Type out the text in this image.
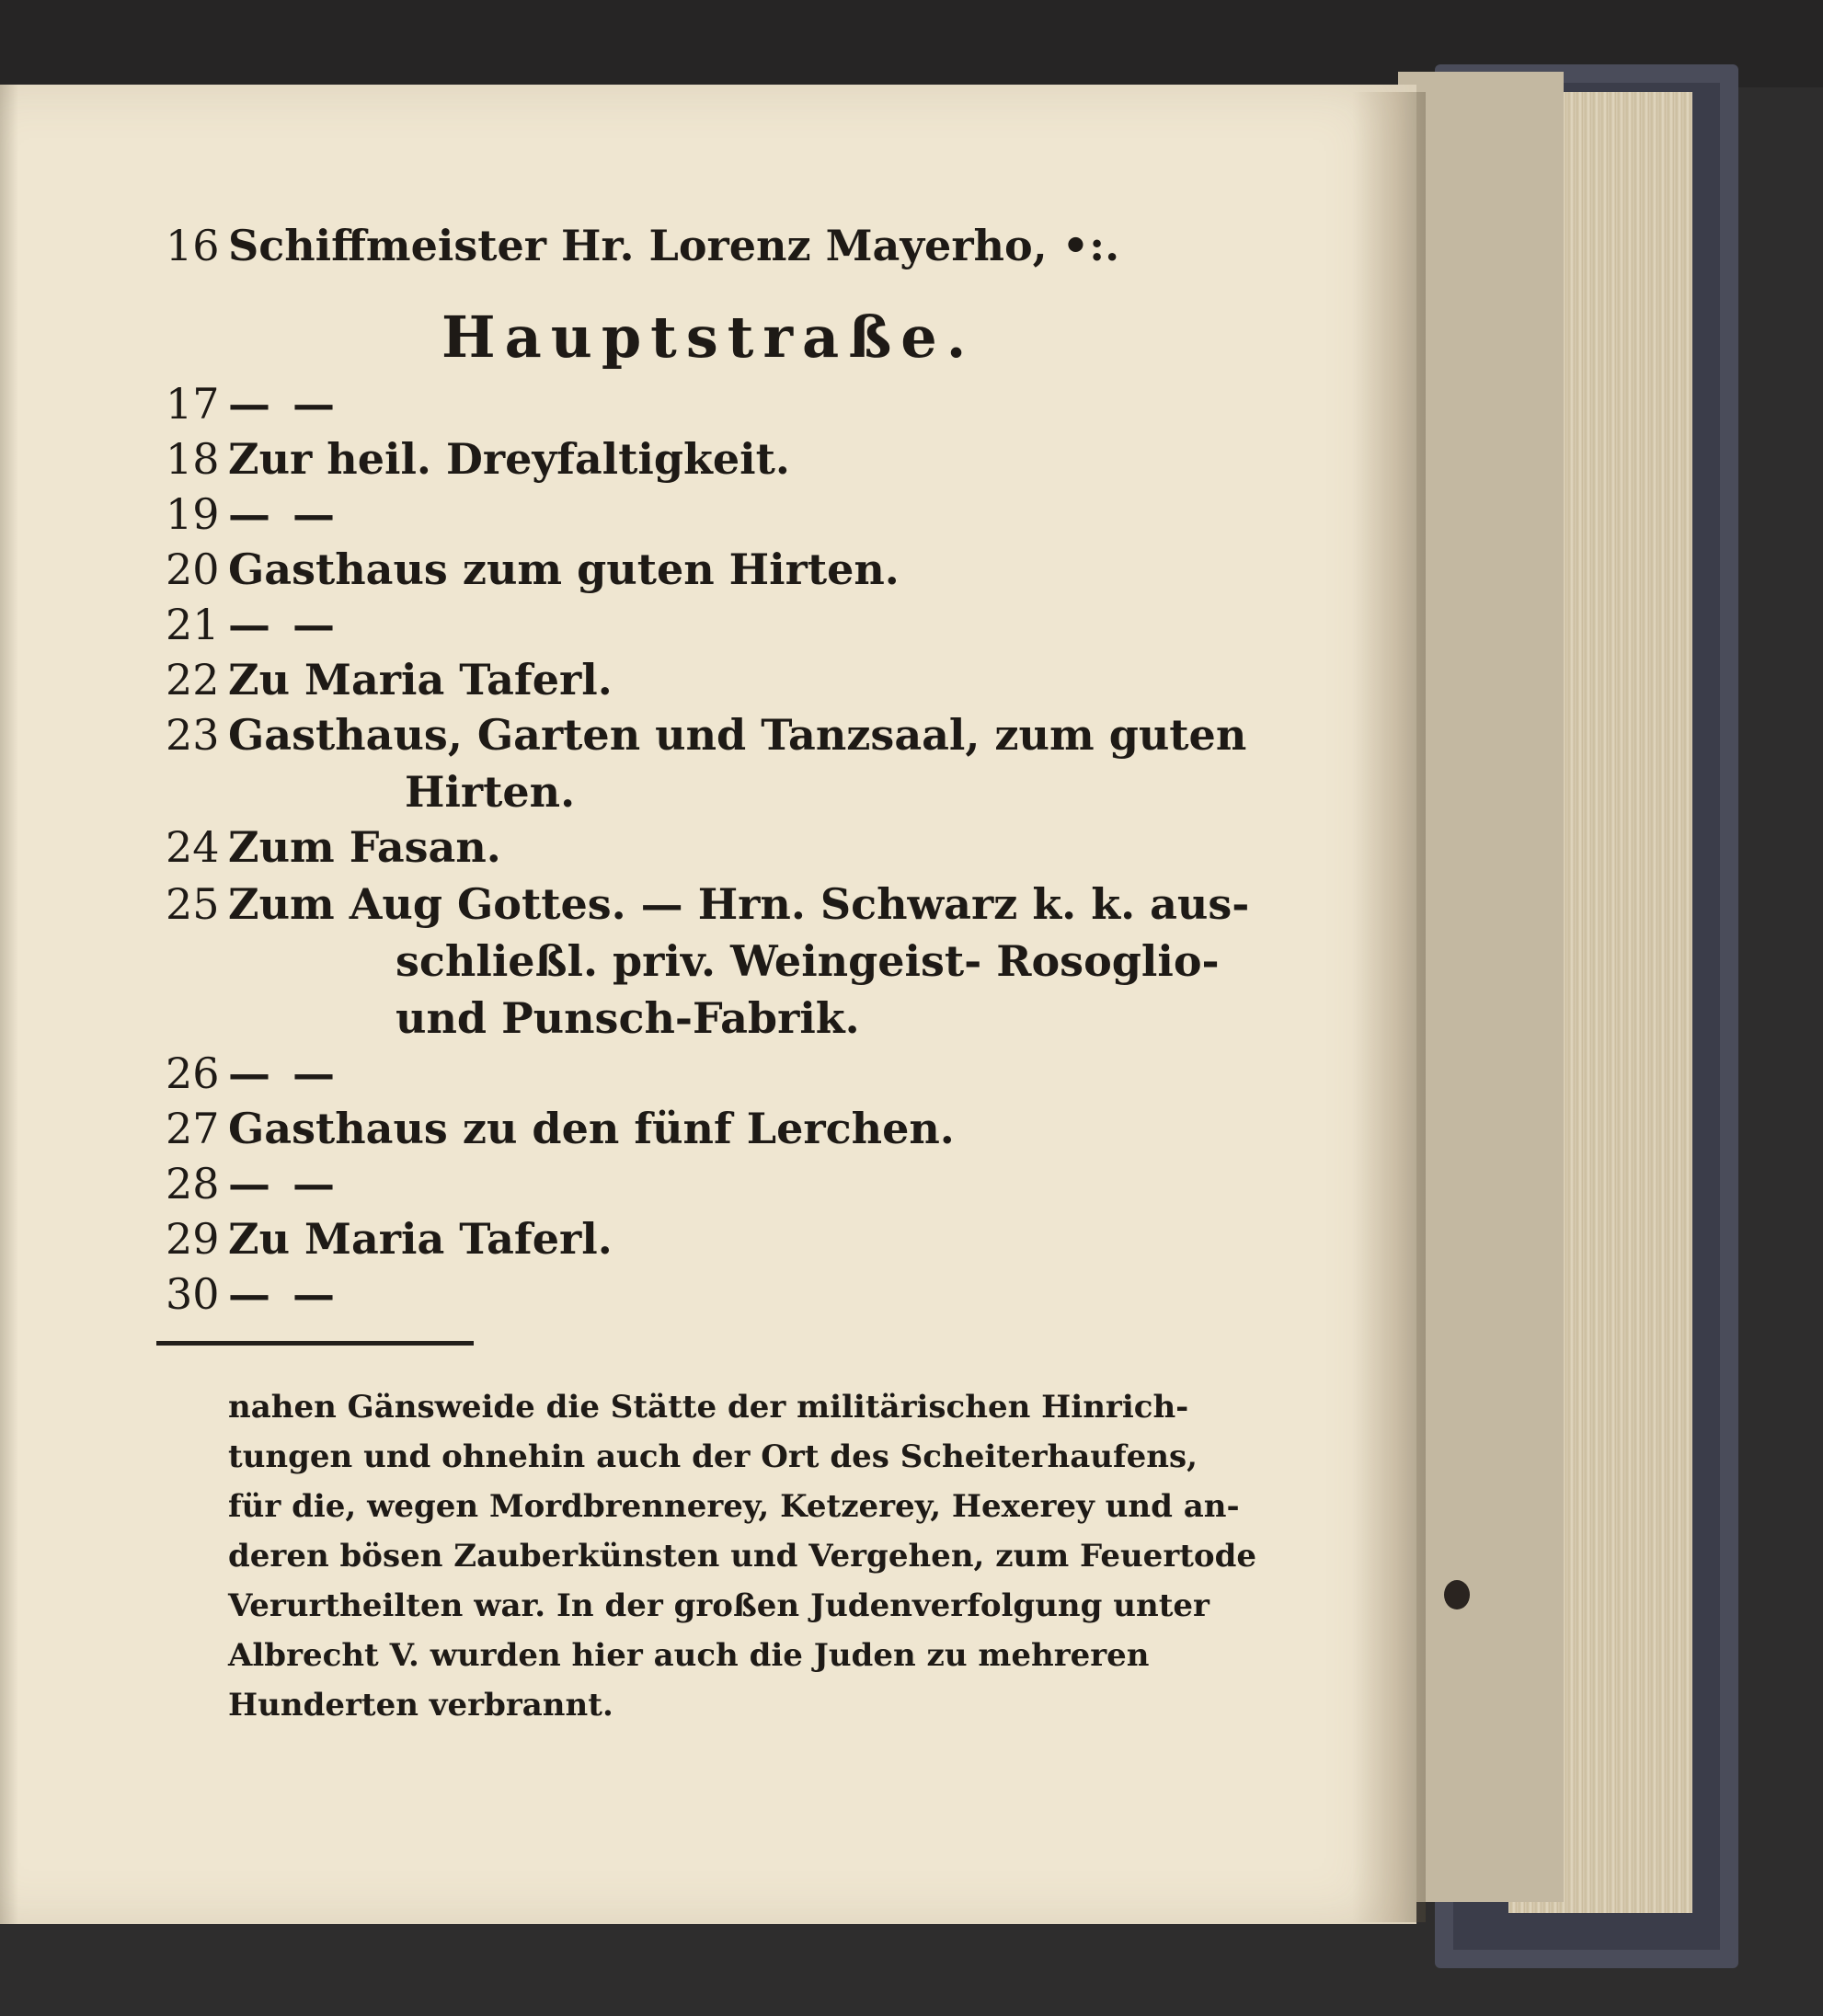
16 Schiffmeister Hr. Lorenz Mayerho, •:.
Hauptstraße.
17 — —
18 Zur heil. Dreyfaltigkeit.
19 — —
20 Gasthaus zum guten Hirten.
21 — —
22 Zu Maria Taferl.
23 Gasthaus, Garten und Tanzsaal, zum guten
Hirten.
24 Zum Fasan.
25 Zum Aug Gottes. — Hrn. Schwarz k. k. aus-
schließl. priv. Weingeist- Rosoglio-
und Punsch-Fabrik.
26 — —
27 Gasthaus zu den fünf Lerchen.
28 — —
29 Zu Maria Taferl.
30 — —
nahen Gänsweide die Stätte der militärischen Hinrich-
tungen und ohnehin auch der Ort des Scheiterhaufens,
für die, wegen Mordbrennerey, Ketzerey, Hexerey und an-
deren bösen Zauberkünsten und Vergehen, zum Feuertode
Verurtheilten war. In der großen Judenverfolgung unter
Albrecht V. wurden hier auch die Juden zu mehreren
Hunderten verbrannt.
